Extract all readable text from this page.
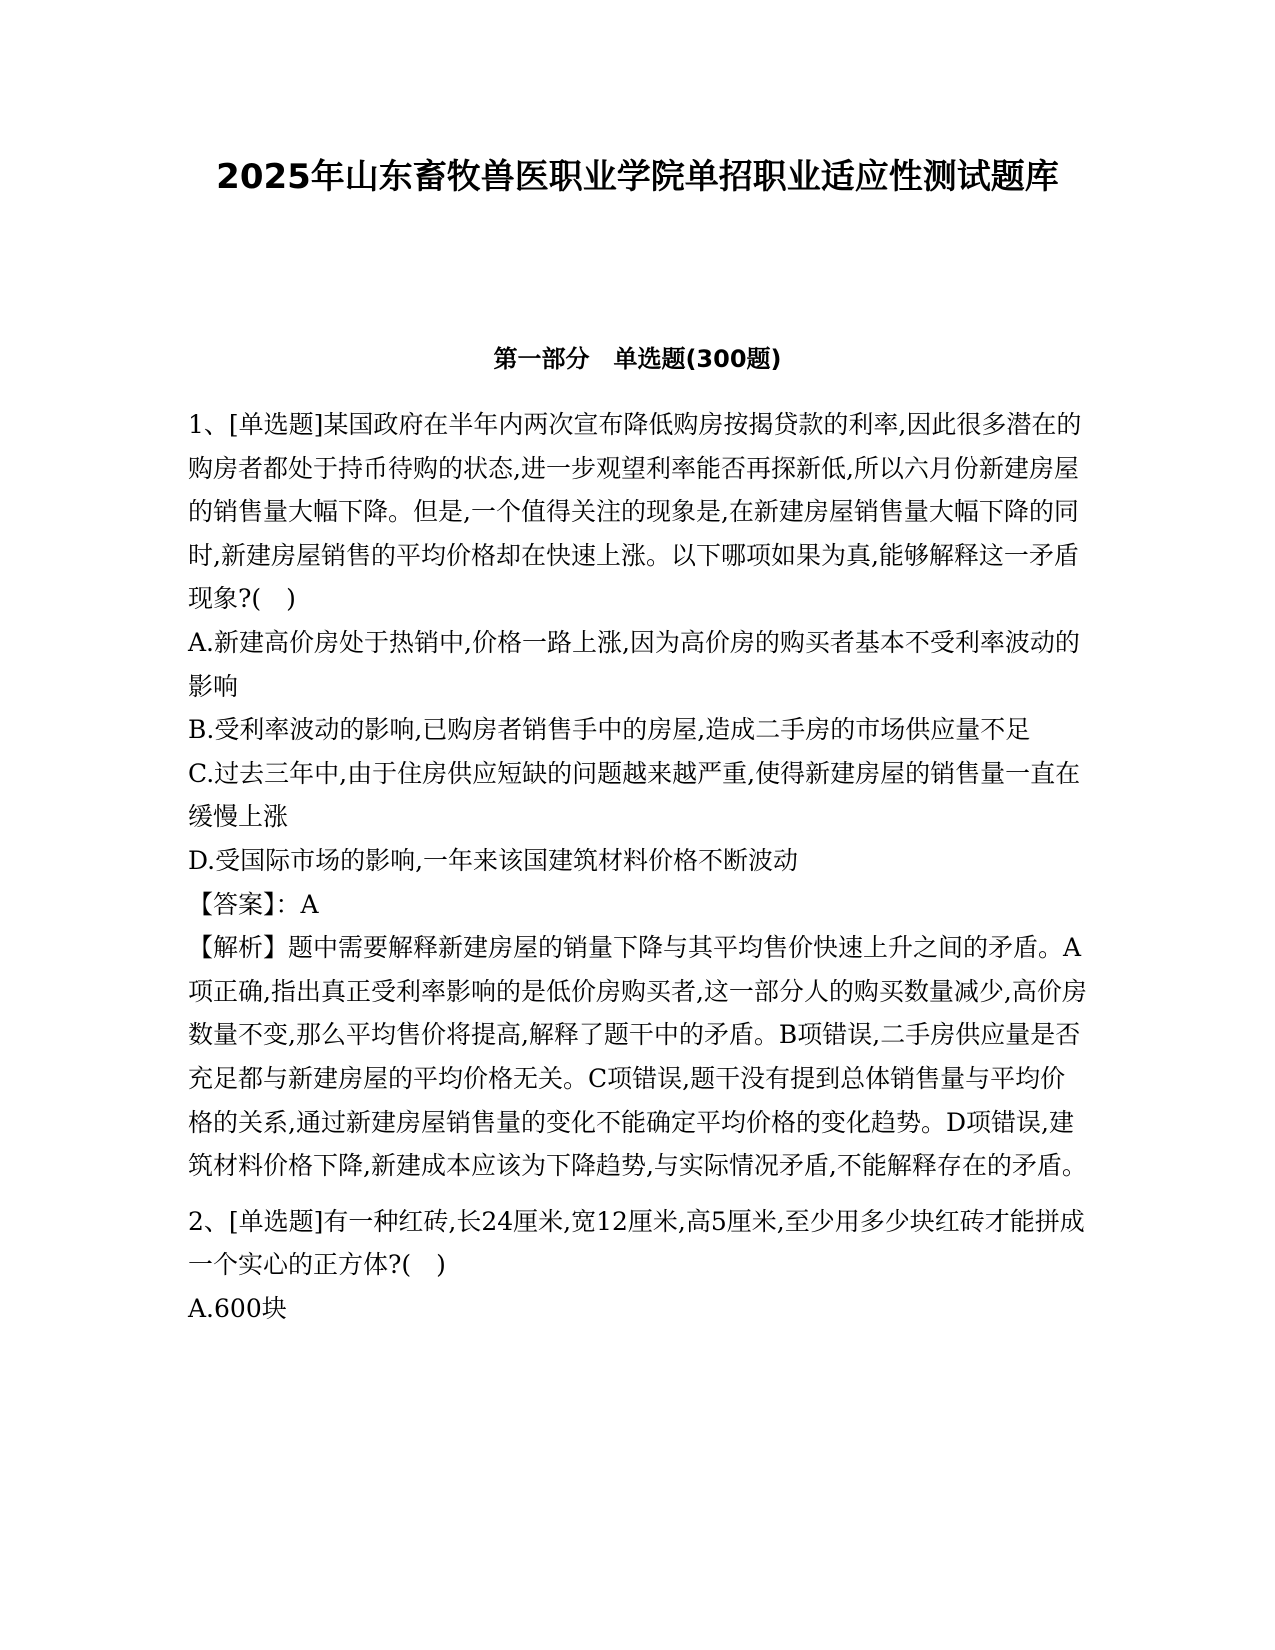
2025年山东畜牧兽医职业学院单招职业适应性测试题库
第一部分　单选题(300题)

1、[单选题]某国政府在半年内两次宣布降低购房按揭贷款的利率,因此很多潜在的购房者都处于持币待购的状态,进一步观望利率能否再探新低,所以六月份新建房屋的销售量大幅下降。但是,一个值得关注的现象是,在新建房屋销售量大幅下降的同时,新建房屋销售的平均价格却在快速上涨。以下哪项如果为真,能够解释这一矛盾现象?(　)

A.新建高价房处于热销中,价格一路上涨,因为高价房的购买者基本不受利率波动的影响

B.受利率波动的影响,已购房者销售手中的房屋,造成二手房的市场供应量不足

C.过去三年中,由于住房供应短缺的问题越来越严重,使得新建房屋的销售量一直在缓慢上涨

D.受国际市场的影响,一年来该国建筑材料价格不断波动

【答案】：A

【解析】题中需要解释新建房屋的销量下降与其平均售价快速上升之间的矛盾。A项正确,指出真正受利率影响的是低价房购买者,这一部分人的购买数量减少,高价房数量不变,那么平均售价将提高,解释了题干中的矛盾。B项错误,二手房供应量是否充足都与新建房屋的平均价格无关。C项错误,题干没有提到总体销售量与平均价格的关系,通过新建房屋销售量的变化不能确定平均价格的变化趋势。D项错误,建筑材料价格下降,新建成本应该为下降趋势,与实际情况矛盾,不能解释存在的矛盾。

2、[单选题]有一种红砖,长24厘米,宽12厘米,高5厘米,至少用多少块红砖才能拼成一个实心的正方体?(　)

A.600块
